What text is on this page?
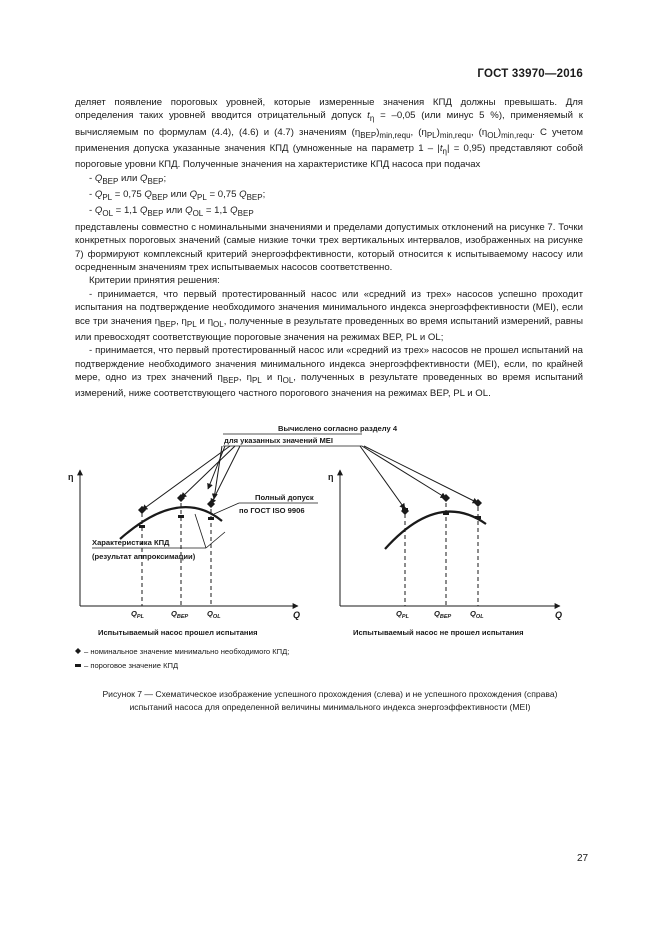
ГОСТ 33970—2016

деляет появление пороговых уровней, которые измеренные значения КПД должны превышать. Для определения таких уровней вводится отрицательный допуск $t_\eta = -0,05$ (или минус 5 %), применяемый к вычисляемым по формулам (4.4), (4.6) и (4.7) значениям $(\eta_{BEP})_{min,requ}$, $(\eta_{PL})_{min,requ}$, $(\eta_{OL})_{min,requ}$. С учетом применения допуска указанные значения КПД (умноженные на параметр $1 - |t_\eta| = 0,95$) представляют собой пороговые уровни КПД. Полученные значения на характеристике КПД насоса при подачах

- $Q_{BEP}$ или $Q_{BEP}$;

- $Q_{PL} = 0,75$ $Q_{BEP}$ или $Q_{PL} = 0,75$ $Q_{BEP}$;

- $Q_{OL} = 1,1$ $Q_{BEP}$ или $Q_{OL} = 1,1$ $Q_{BEP}$

представлены совместно с номинальными значениями и пределами допустимых отклонений на рисунке 7. Точки конкретных пороговых значений (самые низкие точки трех вертикальных интервалов, изображенных на рисунке 7) формируют комплексный критерий энергоэффективности, который относится к испытываемому насосу или осредненным значениям трех испытываемых насосов соответственно.

Критерии принятия решения:

- принимается, что первый протестированный насос или «средний из трех» насосов успешно проходит испытания на подтверждение необходимого значения минимального индекса энергоэффективности (MEI), если все три значения $\eta_{BEP}$, $\eta_{PL}$ и $\eta_{OL}$, полученные в результате проведенных во время испытаний измерений, равны или превосходят соответствующие пороговые значения на режимах BEP, PL и OL;

- принимается, что первый протестированный насос или «средний из трех» насосов не прошел испытаний на подтверждение необходимого значения минимального индекса энергоэффективности (MEI), если, по крайней мере, одно из трех значений $\eta_{BEP}$, $\eta_{PL}$ и $\eta_{OL}$, полученных в результате проведенных во время испытаний измерений, ниже соответствующего частного порогового значения на режимах BEP, PL и OL.

Вычислено согласно разделу 4
для указанных значений MEI
η
Q
Полный допуск
по ГОСТ ISO 9906
Характеристика КПД
(результат аппроксимации)
$Q_{PL}$	$Q_{BEP}$ $Q_{OL}$
Испытываемый насос прошел испытания
η
Q
$Q_{PL}$	$Q_{BEP}$ $Q_{OL}$
Испытываемый насос не прошел испытания
– номинальное значение минимально необходимого КПД;
– пороговое значение КПД
Рисунок 7 — Схематическое изображение успешного прохождения (слева) и не успешного прохождения (справа)
испытаний насоса для определенной величины минимального индекса энергоэффективности (MEI)
27
